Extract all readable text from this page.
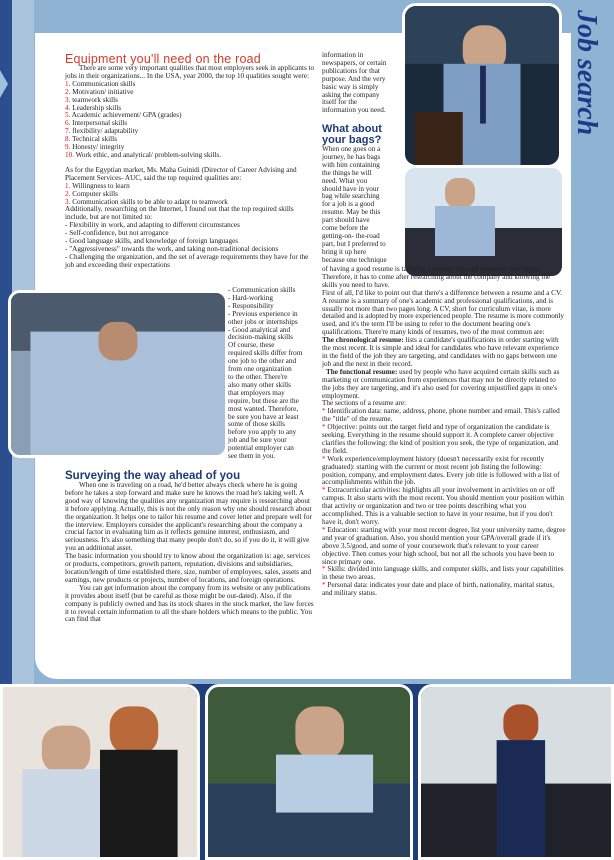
Job search
Equipment you'll need on the road

There are some very important qualities that most employers seek in applicants to jobs in their organizations... In the USA, year 2000, the top 10 qualities sought were:

1. Communication skills

2. Motivation/ initiative

3. teamwork skills

4. Leadership skills

5. Academic achievement/ GPA (grades)

6. Interpersonal skills

7. flexibility/ adaptability

8. Technical skills

9. Honesty/ integrity

10. Work ethic, and analytical/ problem-solving skills.

As for the Egyptian market, Ms. Maha Guinidi (Director of Career Advising and Placement Services- AUC, said the top required qualities are:

1. Willingness to learn

2. Computer skills

3. Communication skills to be able to adapt to teamwork

Additionally, researching on the Internet, I found out that the top required skills include, but are not limited to:

- Flexibility in work, and adapting to different circumstances

- Self-confidence, but not arrogance

- Good language skills, and knowledge of foreign languages

- "Aggressiveness" towards the work, and taking non-traditional decisions

- Challenging the organization, and the set of average requirements they have for the job and exceeding their expectations

- Communication skills

- Hard-working

- Responsibility

- Previous experience in

other jobs or internships

- Good analytical and

decision-making skills

Of course, these

required skills differ from

one job to the other and

from one organization

to the other. There're

also many other skills

that employers may

require, but these are the

most wanted. Therefore,

be sure you have at least

some of those skills

before you apply to any

job and be sure your

potential employer can

see them in you.

Surveying the way ahead of you

When one is traveling on a road, he'd better always check where he is going before he takes a step forward and make sure he knows the road he's taking well. A good way of knowing the qualities any organization may require is researching about it before applying. Actually, this is not the only reason why one should research about the organization. It helps one to tailor his resume and cover letter and prepare well for the interview. Employers consider the applicant's researching about the company a crucial factor in evaluating him as it reflects genuine interest, enthusiasm, and seriousness. It's also something that many people don't do, so if you do it, it will give you an additional asset.

The basic information you should try to know about the organization is: age, services or products, competitors, growth pattern, reputation, divisions and subsidiaries, location/length of time established there, size, number of employees, sales, assets and earnings, new products or projects, number of locations, and foreign operations.

You can get information about the company from its website or any publications it provides about itself (but be careful as those might be out-dated). Also, if the company is publicly owned and has its stock shares in the stock market, the law forces it to reveal certain information to all the share holders which means to the public. You can find that

information in

newspapers, or certain

publications for that

purpose. And the very

basic way is simply

asking the company

itself for the

information you need.

What about your bags?

When one goes on a

journey, he has bags

with him containing

the things he will

need. What you

should have in your

bag while searching

for a job is a good

resume. May be this

part should have

come before the

getting-on- the-road

part, but I preferred to

bring it up here

because one technique

of having a good resume is tailoring a resume for each employer you target. Therefore, it has to come after researching about the company and knowing the skills you need to have.

First of all, I'd like to point out that there's a difference between a resume and a CV. A resume is a summary of one's academic and professional qualifications, and is usually not more than two pages long. A CV, short for curriculum vitae, is more detailed and is adopted by more experienced people. The resume is more commonly used, and it's the term I'll be using to refer to the document bearing one's qualifications. There're many kinds of resumes, two of the most common are:

The chronological resume: lists a candidate's qualifications in order starting with the most recent. It is simple and ideal for candidates who have relevant experience in the field of the job they are targeting, and candidates with no gaps between one job and the next in their record.

The functional resume: used by people who have acquired certain skills such as marketing or communication from experiences that may not be directly related to the jobs they are targeting, and it's also used for covering unjustified gaps in one's employment.

The sections of a resume are:

* Identification data: name, address, phone, phone number and email. This's called the "title" of the resume.

* Objective: points out the target field and type of organization the candidate is seeking. Everything in the resume should support it. A complete career objective clarifies the following: the kind of position you seek, the type of organization, and the field.

* Work experience/employment history (doesn't necessarily exist for recently graduated): starting with the current or most recent job listing the following: position, company, and employment dates. Every job title is followed with a list of accomplishments within the job.

* Extracurricular activities: highlights all your involvement in activities on or off campus. It also starts with the most recent. You should mention your position within that activity or organization and two or tree points describing what you accomplished. This is a valuable section to have in your resume, but if you don't have it, don't worry.

* Education: starting with your most recent degree, list your university name, degree and year of graduation. Also, you should mention your GPA/overall grade if it's above 3.5/good, and some of your coursework that's relevant to your career objective. Then comes your high school, but not all the schools you have been to since primary one.

* Skills: divided into language skills, and computer skills, and lists your capabilities in these two areas.

* Personal data: indicates your date and place of birth, nationality, marital status, and military status.
